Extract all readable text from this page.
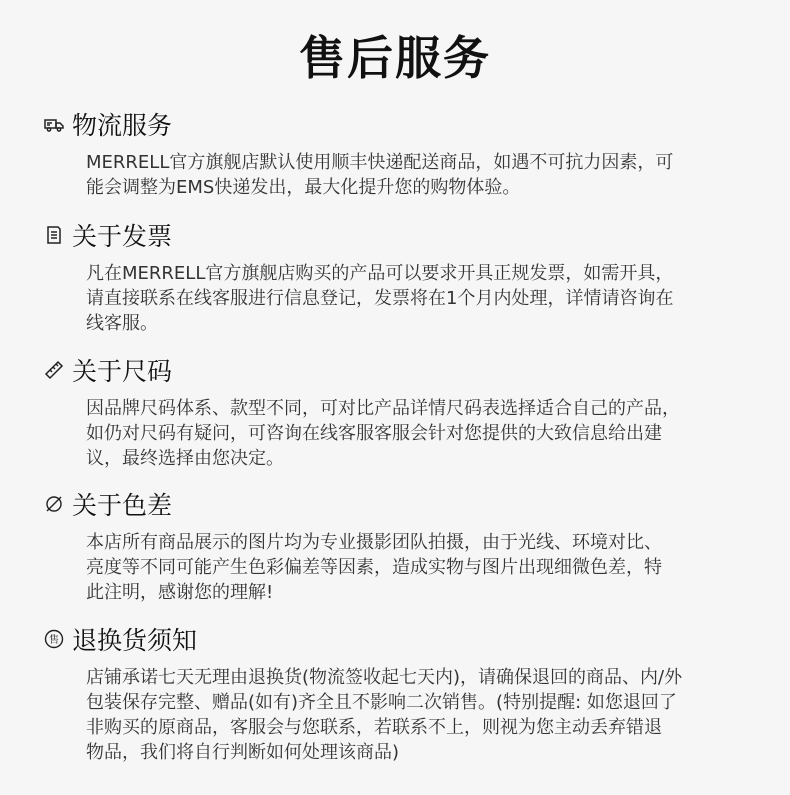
售后服务
物流服务

MERRELL官方旗舰店默认使用顺丰快递配送商品，如遇不可抗力因素，可
能会调整为EMS快递发出，最大化提升您的购物体验。

关于发票

凡在MERRELL官方旗舰店购买的产品可以要求开具正规发票，如需开具，
请直接联系在线客服进行信息登记，发票将在1个月内处理，详情请咨询在
线客服。

关于尺码

因品牌尺码体系、款型不同，可对比产品详情尺码表选择适合自己的产品，
如仍对尺码有疑问，可咨询在线客服客服会针对您提供的大致信息给出建
议，最终选择由您决定。

关于色差

本店所有商品展示的图片均为专业摄影团队拍摄，由于光线、环境对比、
亮度等不同可能产生色彩偏差等因素，造成实物与图片出现细微色差，特
此注明，感谢您的理解!

售 退换货须知

店铺承诺七天无理由退换货(物流签收起七天内)，请确保退回的商品、内/外
包装保存完整、赠品(如有)齐全且不影响二次销售。(特别提醒: 如您退回了
非购买的原商品，客服会与您联系，若联系不上，则视为您主动丢弃错退
物品，我们将自行判断如何处理该商品)
